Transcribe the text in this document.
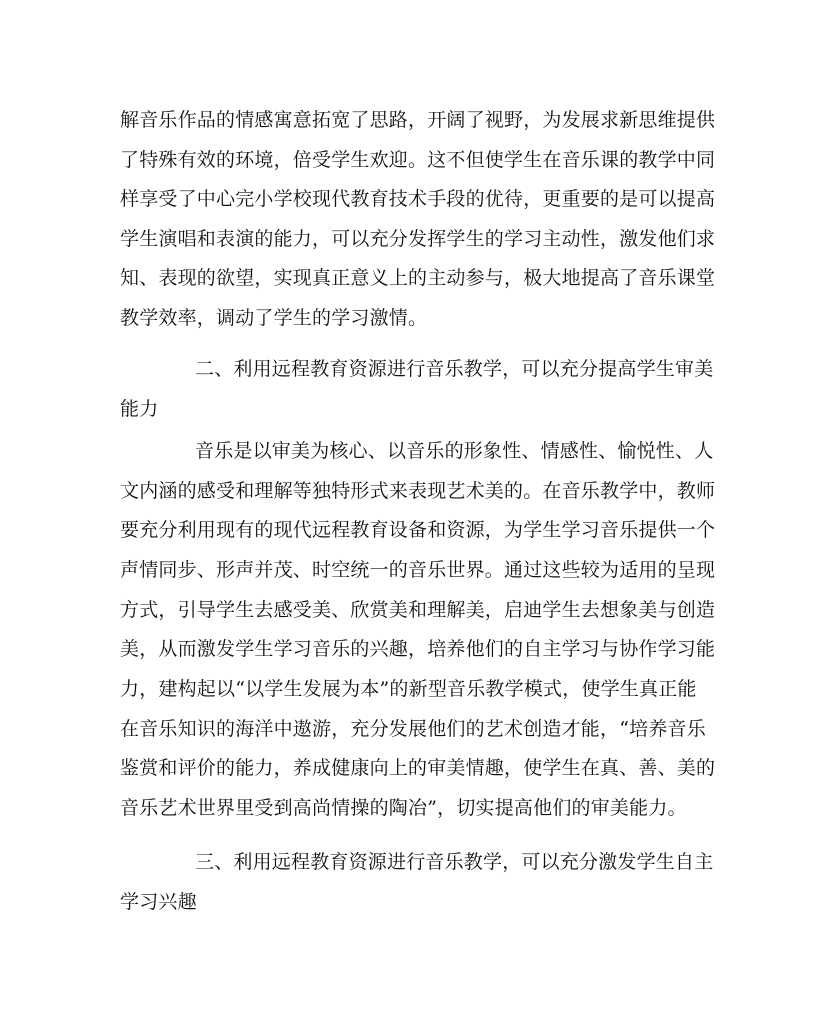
解音乐作品的情感寓意拓宽了思路，开阔了视野，为发展求新思维提供
了特殊有效的环境，倍受学生欢迎。这不但使学生在音乐课的教学中同
样享受了中心完小学校现代教育技术手段的优待，更重要的是可以提高
学生演唱和表演的能力，可以充分发挥学生的学习主动性，激发他们求
知、表现的欲望，实现真正意义上的主动参与，极大地提高了音乐课堂
教学效率，调动了学生的学习激情。
二、利用远程教育资源进行音乐教学，可以充分提高学生审美
能力
音乐是以审美为核心、以音乐的形象性、情感性、愉悦性、人
文内涵的感受和理解等独特形式来表现艺术美的。在音乐教学中，教师
要充分利用现有的现代远程教育设备和资源，为学生学习音乐提供一个
声情同步、形声并茂、时空统一的音乐世界。通过这些较为适用的呈现
方式，引导学生去感受美、欣赏美和理解美，启迪学生去想象美与创造
美，从而激发学生学习音乐的兴趣，培养他们的自主学习与协作学习能
力，建构起以“以学生发展为本”的新型音乐教学模式，使学生真正能
在音乐知识的海洋中遨游，充分发展他们的艺术创造才能，“培养音乐
鉴赏和评价的能力，养成健康向上的审美情趣，使学生在真、善、美的
音乐艺术世界里受到高尚情操的陶冶”，切实提高他们的审美能力。
三、利用远程教育资源进行音乐教学，可以充分激发学生自主
学习兴趣
